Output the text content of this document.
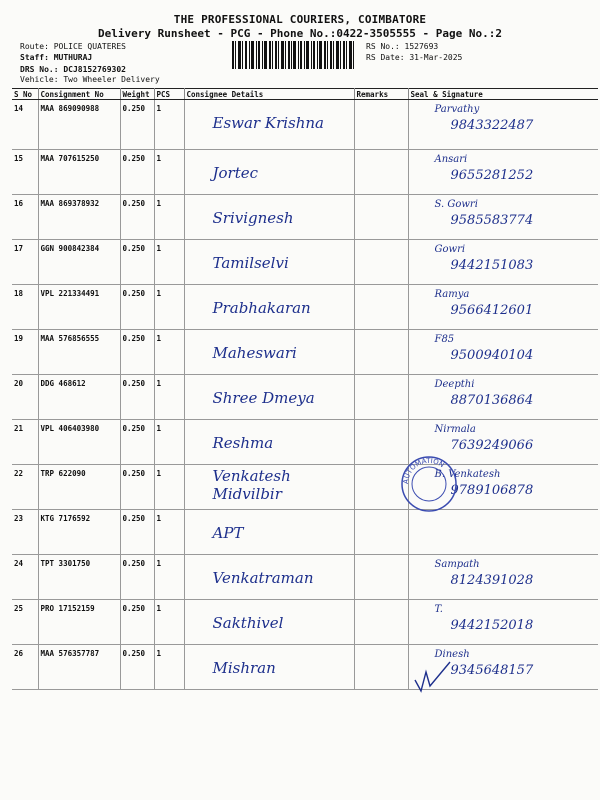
THE PROFESSIONAL COURIERS, COIMBATORE
Delivery Runsheet - PCG - Phone No.:0422-3505555 - Page No.:2
Route: POLICE QUATERES
Staff: MUTHURAJ
DRS No.: DCJ8152769302
Vehicle: Two Wheeler Delivery
RS No.: 1527693
RS Date: 31-Mar-2025
S No	Consignment No	Weight	PCS	Consignee Details	Remarks	Seal & Signature
14	MAA 869090988	0.250	1	Eswar Krishna		Parvathy
9843322487

15	MAA 707615250	0.250	1	Jortec		Ansari
9655281252

16	MAA 869378932	0.250	1	Srivignesh		S. Gowri
9585583774

17	GGN 900842384	0.250	1	Tamilselvi		Gowri
9442151083

18	VPL 221334491	0.250	1	Prabhakaran		Ramya
9566412601

19	MAA 576856555	0.250	1	Maheswari		F85
9500940104

20	DDG 468612	0.250	1	Shree Dmeya		Deepthi
8870136864

21	VPL 406403980	0.250	1	Reshma		Nirmala
7639249066

22	TRP 622090	0.250	1	Venkatesh Midvilbir		B. Venkatesh
9789106878

23	KTG 7176592	0.250	1	APT		

24	TPT 3301750	0.250	1	Venkatraman		Sampath
8124391028

25	PRO 17152159	0.250	1	Sakthivel		T.
9442152018

26	MAA 576357787	0.250	1	Mishran		Dinesh
9345648157
AUTOMATION
